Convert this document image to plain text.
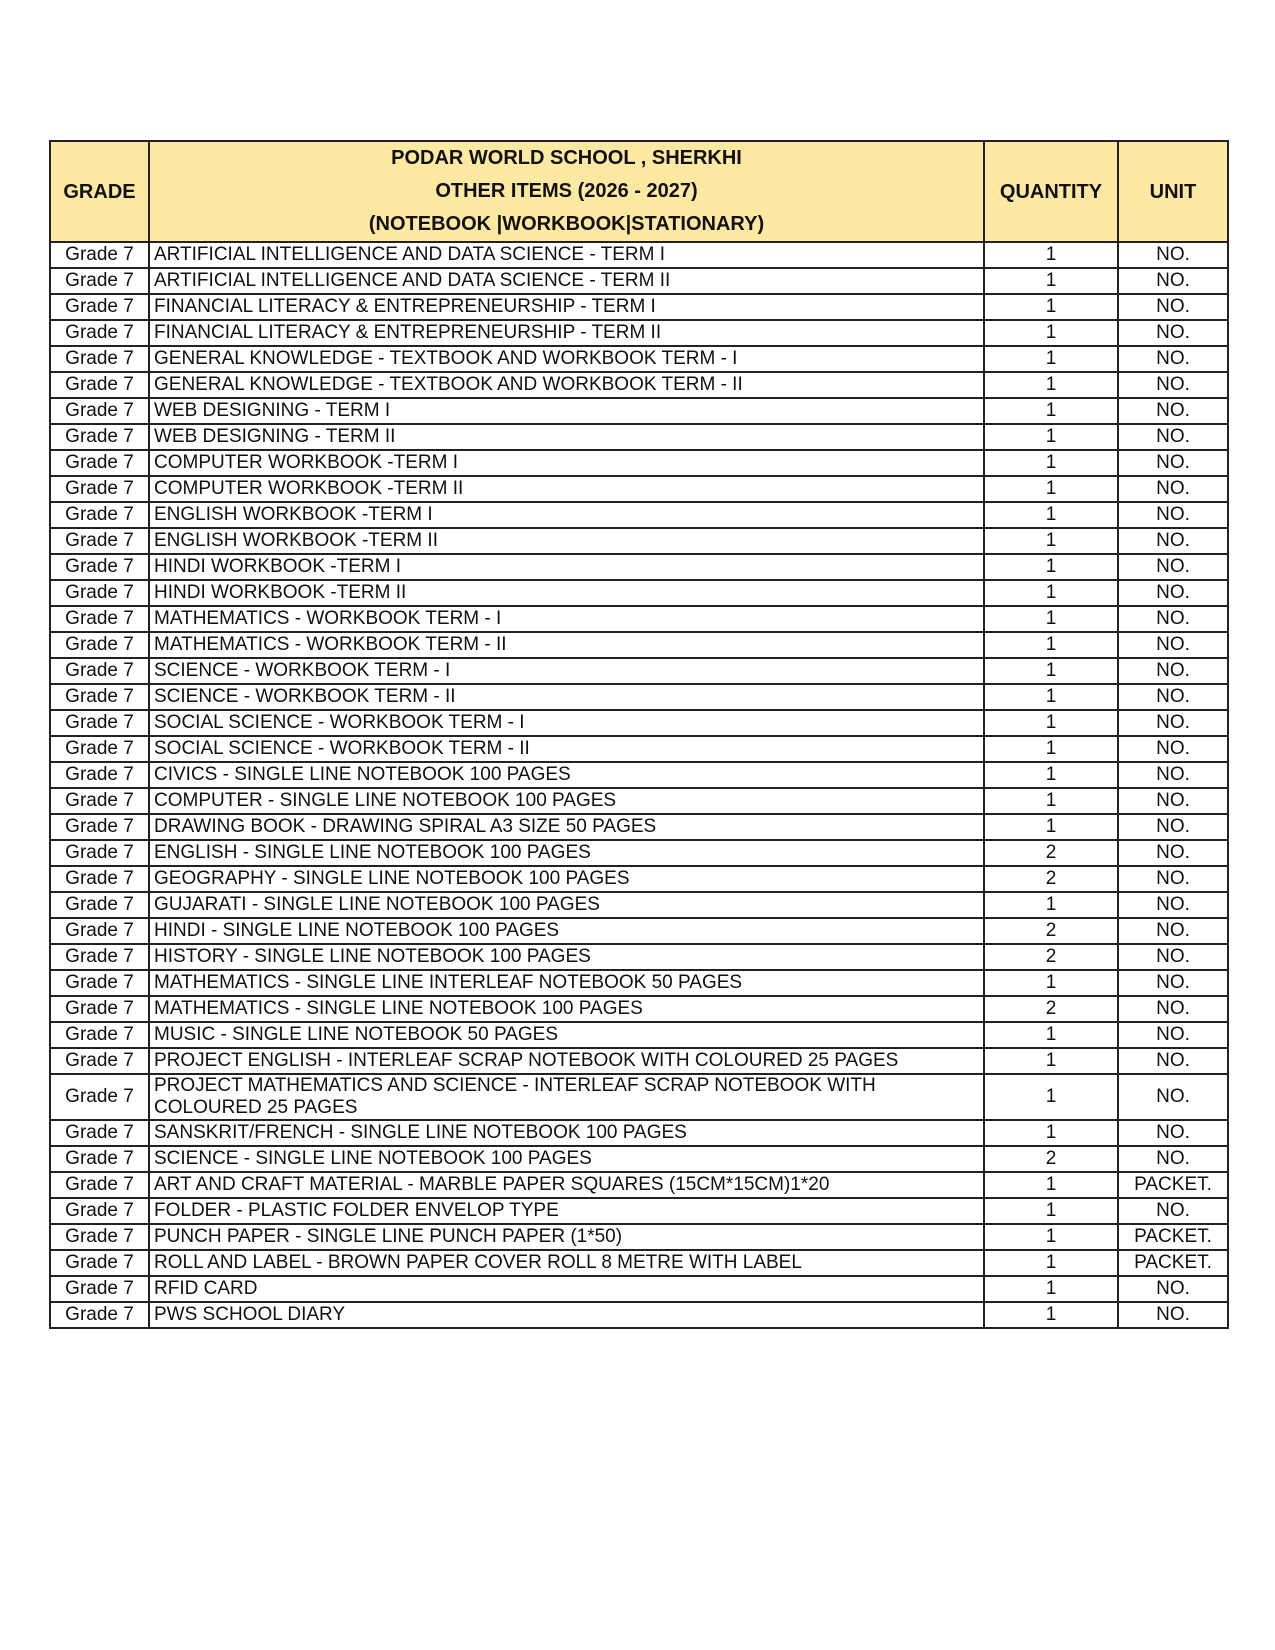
GRADE	PODAR WORLD SCHOOL , SHERKHI
OTHER ITEMS (2026 - 2027)
(NOTEBOOK |WORKBOOK|STATIONARY)	QUANTITY	UNIT
Grade 7	ARTIFICIAL INTELLIGENCE AND DATA SCIENCE - TERM I	1	NO.
Grade 7	ARTIFICIAL INTELLIGENCE AND DATA SCIENCE - TERM II	1	NO.
Grade 7	FINANCIAL LITERACY & ENTREPRENEURSHIP - TERM I	1	NO.
Grade 7	FINANCIAL LITERACY & ENTREPRENEURSHIP - TERM II	1	NO.
Grade 7	GENERAL KNOWLEDGE - TEXTBOOK AND WORKBOOK TERM - I	1	NO.
Grade 7	GENERAL KNOWLEDGE - TEXTBOOK AND WORKBOOK TERM - II	1	NO.
Grade 7	WEB DESIGNING - TERM I	1	NO.
Grade 7	WEB DESIGNING - TERM II	1	NO.
Grade 7	COMPUTER WORKBOOK -TERM I	1	NO.
Grade 7	COMPUTER WORKBOOK -TERM II	1	NO.
Grade 7	ENGLISH WORKBOOK -TERM I	1	NO.
Grade 7	ENGLISH WORKBOOK -TERM II	1	NO.
Grade 7	HINDI WORKBOOK -TERM I	1	NO.
Grade 7	HINDI WORKBOOK -TERM II	1	NO.
Grade 7	MATHEMATICS - WORKBOOK TERM - I	1	NO.
Grade 7	MATHEMATICS - WORKBOOK TERM - II	1	NO.
Grade 7	SCIENCE - WORKBOOK TERM - I	1	NO.
Grade 7	SCIENCE - WORKBOOK TERM - II	1	NO.
Grade 7	SOCIAL SCIENCE - WORKBOOK TERM - I	1	NO.
Grade 7	SOCIAL SCIENCE - WORKBOOK TERM - II	1	NO.
Grade 7	CIVICS - SINGLE LINE NOTEBOOK 100 PAGES	1	NO.
Grade 7	COMPUTER - SINGLE LINE NOTEBOOK 100 PAGES	1	NO.
Grade 7	DRAWING BOOK - DRAWING SPIRAL A3 SIZE 50 PAGES	1	NO.
Grade 7	ENGLISH - SINGLE LINE NOTEBOOK 100 PAGES	2	NO.
Grade 7	GEOGRAPHY - SINGLE LINE NOTEBOOK 100 PAGES	2	NO.
Grade 7	GUJARATI - SINGLE LINE NOTEBOOK 100 PAGES	1	NO.
Grade 7	HINDI - SINGLE LINE NOTEBOOK 100 PAGES	2	NO.
Grade 7	HISTORY - SINGLE LINE NOTEBOOK 100 PAGES	2	NO.
Grade 7	MATHEMATICS - SINGLE LINE INTERLEAF NOTEBOOK 50 PAGES	1	NO.
Grade 7	MATHEMATICS - SINGLE LINE NOTEBOOK 100 PAGES	2	NO.
Grade 7	MUSIC - SINGLE LINE NOTEBOOK 50 PAGES	1	NO.
Grade 7	PROJECT ENGLISH - INTERLEAF SCRAP NOTEBOOK WITH COLOURED 25 PAGES	1	NO.
Grade 7	PROJECT MATHEMATICS AND SCIENCE - INTERLEAF SCRAP NOTEBOOK WITH COLOURED 25 PAGES	1	NO.
Grade 7	SANSKRIT/FRENCH - SINGLE LINE NOTEBOOK 100 PAGES	1	NO.
Grade 7	SCIENCE - SINGLE LINE NOTEBOOK 100 PAGES	2	NO.
Grade 7	ART AND CRAFT MATERIAL - MARBLE PAPER SQUARES (15CM*15CM)1*20	1	PACKET.
Grade 7	FOLDER - PLASTIC FOLDER ENVELOP TYPE	1	NO.
Grade 7	PUNCH PAPER - SINGLE LINE PUNCH PAPER (1*50)	1	PACKET.
Grade 7	ROLL AND LABEL - BROWN PAPER COVER ROLL 8 METRE WITH LABEL	1	PACKET.
Grade 7	RFID CARD	1	NO.
Grade 7	PWS SCHOOL DIARY	1	NO.
